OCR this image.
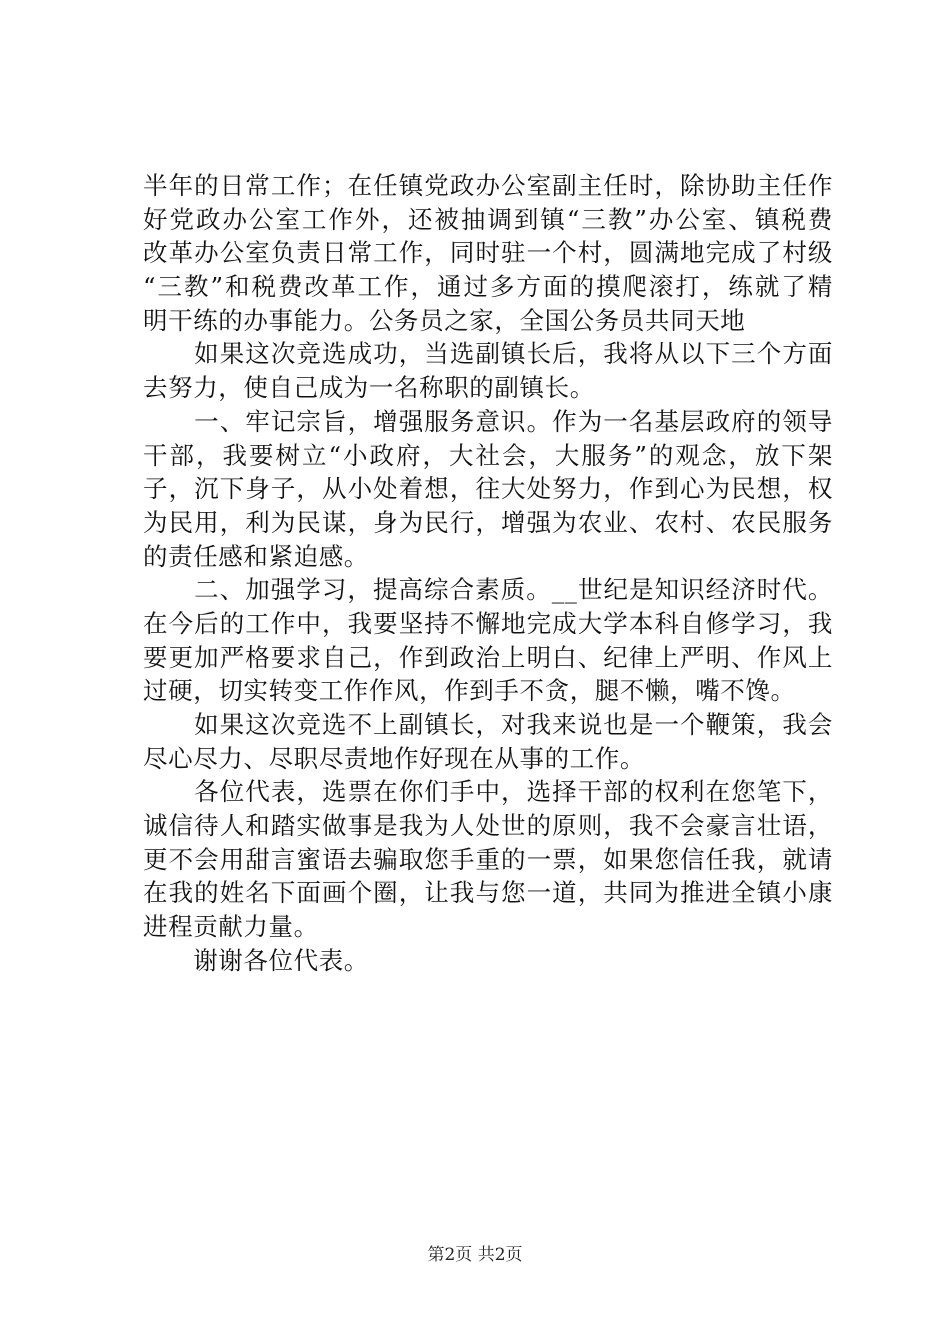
半年的日常工作；在任镇党政办公室副主任时，除协助主任作
好党政办公室工作外，还被抽调到镇“三教”办公室、镇税费
改革办公室负责日常工作，同时驻一个村，圆满地完成了村级
“三教”和税费改革工作，通过多方面的摸爬滚打，练就了精
明干练的办事能力。公务员之家，全国公务员共同天地
　　如果这次竞选成功，当选副镇长后，我将从以下三个方面
去努力，使自己成为一名称职的副镇长。
　　一、牢记宗旨，增强服务意识。作为一名基层政府的领导
干部，我要树立“小政府，大社会，大服务”的观念，放下架
子，沉下身子，从小处着想，往大处努力，作到心为民想，权
为民用，利为民谋，身为民行，增强为农业、农村、农民服务
的责任感和紧迫感。
　　二、加强学习，提高综合素质。__世纪是知识经济时代。
在今后的工作中，我要坚持不懈地完成大学本科自修学习，我
要更加严格要求自己，作到政治上明白、纪律上严明、作风上
过硬，切实转变工作作风，作到手不贪，腿不懒，嘴不馋。
　　如果这次竞选不上副镇长，对我来说也是一个鞭策，我会
尽心尽力、尽职尽责地作好现在从事的工作。
　　各位代表，选票在你们手中，选择干部的权利在您笔下，
诚信待人和踏实做事是我为人处世的原则，我不会豪言壮语，
更不会用甜言蜜语去骗取您手重的一票，如果您信任我，就请
在我的姓名下面画个圈，让我与您一道，共同为推进全镇小康
进程贡献力量。
　　谢谢各位代表。
第2页 共2页
